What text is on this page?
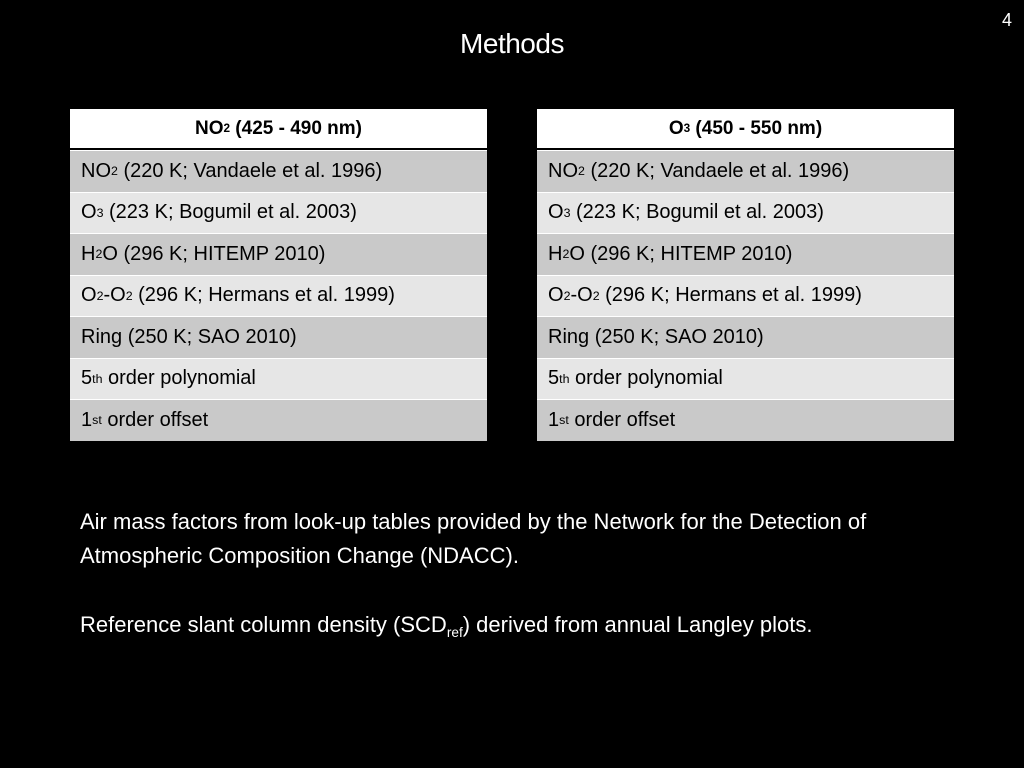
4
Methods
NO 2 (425 - 490 nm)
NO 2 (220 K; Vandaele et al. 1996)
O 3 (223 K; Bogumil et al. 2003)
H 2 O (296 K; HITEMP 2010)
O 2 -O 2 (296 K; Hermans et al. 1999)
Ring (250 K; SAO 2010)
5 th order polynomial
1 st order offset
O 3 (450 - 550 nm)
NO 2 (220 K; Vandaele et al. 1996)
O 3 (223 K; Bogumil et al. 2003)
H 2 O (296 K; HITEMP 2010)
O 2 -O 2 (296 K; Hermans et al. 1999)
Ring (250 K; SAO 2010)
5 th order polynomial
1 st order offset
Air mass factors from look-up tables provided by the Network for the Detection of Atmospheric Composition Change (NDACC).
Reference slant column density $(SCD_{ref})$ derived from annual Langley plots.
